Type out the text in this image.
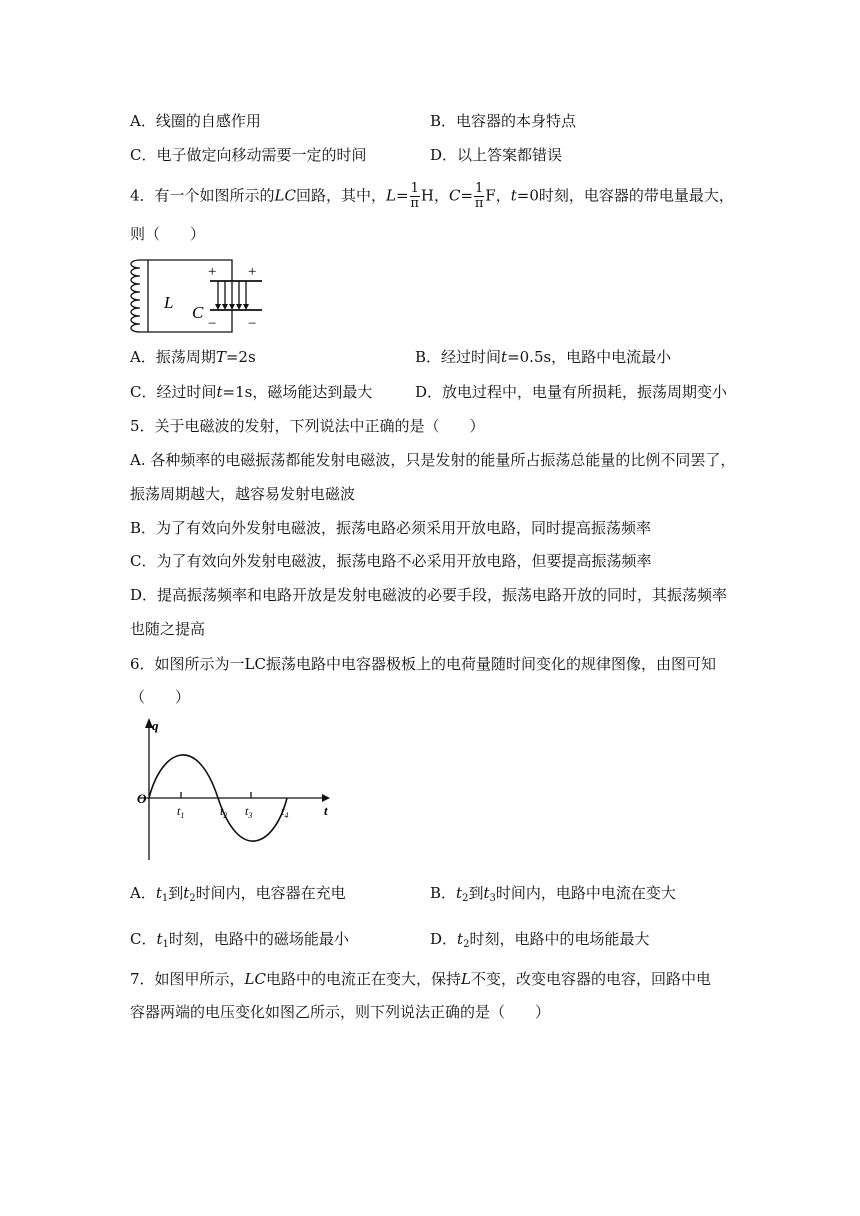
A．线圈的自感作用	B．电容器的本身特点
C．电子做定向移动需要一定的时间	D．以上答案都错误
4．有一个如图所示的LC回路，其中，$L= \frac{1}{\pi}$ H，$C= \frac{1}{\pi}$ F，t=0时刻，电容器的带电量最大，
则（　　）
L
C
+ +
− −
A．振荡周期T=2s	B．经过时间t=0.5s，电路中电流最小
C．经过时间t=1s，磁场能达到最大	D．放电过程中，电量有所损耗，振荡周期变小
5．关于电磁波的发射，下列说法中正确的是（　　）
A. 各种频率的电磁振荡都能发射电磁波，只是发射的能量所占振荡总能量的比例不同罢了，
振荡周期越大，越容易发射电磁波
B．为了有效向外发射电磁波，振荡电路必须采用开放电路，同时提高振荡频率
C．为了有效向外发射电磁波，振荡电路不必采用开放电路，但要提高振荡频率
D．提高振荡频率和电路开放是发射电磁波的必要手段，振荡电路开放的同时，其振荡频率
也随之提高
6．如图所示为一LC振荡电路中电容器极板上的电荷量随时间变化的规律图像，由图可知
（　　）
q
t
O
$t_1$	$t_2$ $t_3$ $t_4$
A．$t_1$到$t_2$时间内，电容器在充电	B．$t_2$到$t_3$时间内，电路中电流在变大
C．$t_1$时刻，电路中的磁场能最小	D．$t_2$时刻，电路中的电场能最大
7．如图甲所示，LC电路中的电流正在变大，保持L不变，改变电容器的电容，回路中电
容器两端的电压变化如图乙所示，则下列说法正确的是（　　）
